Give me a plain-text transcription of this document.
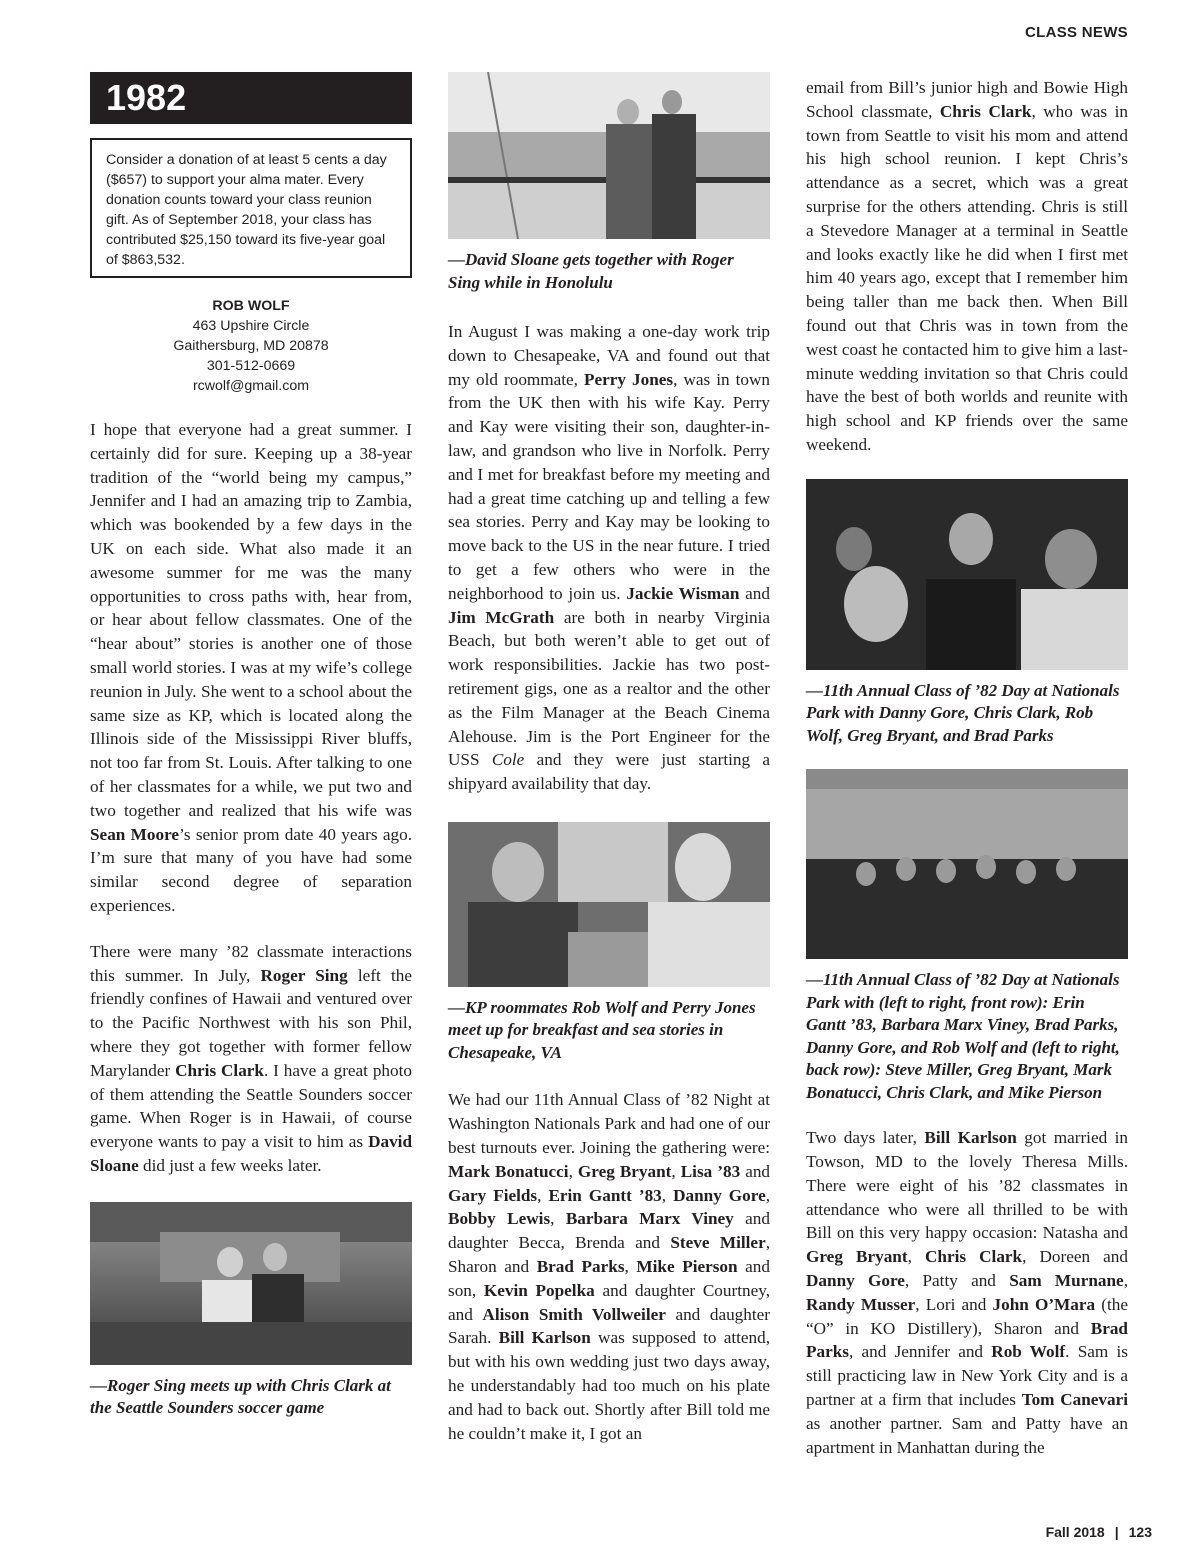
CLASS NEWS
1982
Consider a donation of at least 5 cents a day ($657) to support your alma mater. Every donation counts toward your class reunion gift. As of September 2018, your class has contributed $25,150 toward its five-year goal of $863,532.
ROB WOLF
463 Upshire Circle
Gaithersburg, MD 20878
301-512-0669
rcwolf@gmail.com

I hope that everyone had a great summer. I certainly did for sure. Keeping up a 38-year tradition of the “world being my campus,” Jennifer and I had an amazing trip to Zambia, which was bookended by a few days in the UK on each side. What also made it an awesome summer for me was the many opportunities to cross paths with, hear from, or hear about fellow classmates. One of the “hear about” stories is another one of those small world stories. I was at my wife’s college reunion in July. She went to a school about the same size as KP, which is located along the Illinois side of the Mississippi River bluffs, not too far from St. Louis. After talking to one of her classmates for a while, we put two and two together and realized that his wife was Sean Moore’s senior prom date 40 years ago. I’m sure that many of you have had some similar second degree of separation experiences.

There were many ’82 classmate interactions this summer. In July, Roger Sing left the friendly confines of Hawaii and ventured over to the Pacific Northwest with his son Phil, where they got together with former fellow Marylander Chris Clark. I have a great photo of them attending the Seattle Sounders soccer game. When Roger is in Hawaii, of course everyone wants to pay a visit to him as David Sloane did just a few weeks later.

—Roger Sing meets up with Chris Clark at the Seattle Sounders soccer game
—David Sloane gets together with Roger Sing while in Honolulu

In August I was making a one-day work trip down to Chesapeake, VA and found out that my old roommate, Perry Jones, was in town from the UK then with his wife Kay. Perry and Kay were visiting their son, daughter-in-law, and grandson who live in Norfolk. Perry and I met for breakfast before my meeting and had a great time catching up and telling a few sea stories. Perry and Kay may be looking to move back to the US in the near future. I tried to get a few others who were in the neighborhood to join us. Jackie Wisman and Jim McGrath are both in nearby Virginia Beach, but both weren’t able to get out of work responsibilities. Jackie has two post-retirement gigs, one as a realtor and the other as the Film Manager at the Beach Cinema Alehouse. Jim is the Port Engineer for the USS Cole and they were just starting a shipyard availability that day.

—KP roommates Rob Wolf and Perry Jones meet up for breakfast and sea stories in Chesapeake, VA

We had our 11th Annual Class of ’82 Night at Washington Nationals Park and had one of our best turnouts ever. Joining the gathering were: Mark Bonatucci, Greg Bryant, Lisa ’83 and Gary Fields, Erin Gantt ’83, Danny Gore, Bobby Lewis, Barbara Marx Viney and daughter Becca, Brenda and Steve Miller, Sharon and Brad Parks, Mike Pierson and son, Kevin Popelka and daughter Courtney, and Alison Smith Vollweiler and daughter Sarah. Bill Karlson was supposed to attend, but with his own wedding just two days away, he understandably had too much on his plate and had to back out. Shortly after Bill told me he couldn’t make it, I got an

email from Bill’s junior high and Bowie High School classmate, Chris Clark, who was in town from Seattle to visit his mom and attend his high school reunion. I kept Chris’s attendance as a secret, which was a great surprise for the others attending. Chris is still a Stevedore Manager at a terminal in Seattle and looks exactly like he did when I first met him 40 years ago, except that I remember him being taller than me back then. When Bill found out that Chris was in town from the west coast he contacted him to give him a last-minute wedding invitation so that Chris could have the best of both worlds and reunite with high school and KP friends over the same weekend.

—11th Annual Class of ’82 Day at Nationals Park with Danny Gore, Chris Clark, Rob Wolf, Greg Bryant, and Brad Parks
—11th Annual Class of ’82 Day at Nationals Park with (left to right, front row): Erin Gantt ’83, Barbara Marx Viney, Brad Parks, Danny Gore, and Rob Wolf and (left to right, back row): Steve Miller, Greg Bryant, Mark Bonatucci, Chris Clark, and Mike Pierson

Two days later, Bill Karlson got married in Towson, MD to the lovely Theresa Mills. There were eight of his ’82 classmates in attendance who were all thrilled to be with Bill on this very happy occasion: Natasha and Greg Bryant, Chris Clark, Doreen and Danny Gore, Patty and Sam Murnane, Randy Musser, Lori and John O’Mara (the “O” in KO Distillery), Sharon and Brad Parks, and Jennifer and Rob Wolf. Sam is still practicing law in New York City and is a partner at a firm that includes Tom Canevari as another partner. Sam and Patty have an apartment in Manhattan during the

Fall 2018 | 123
